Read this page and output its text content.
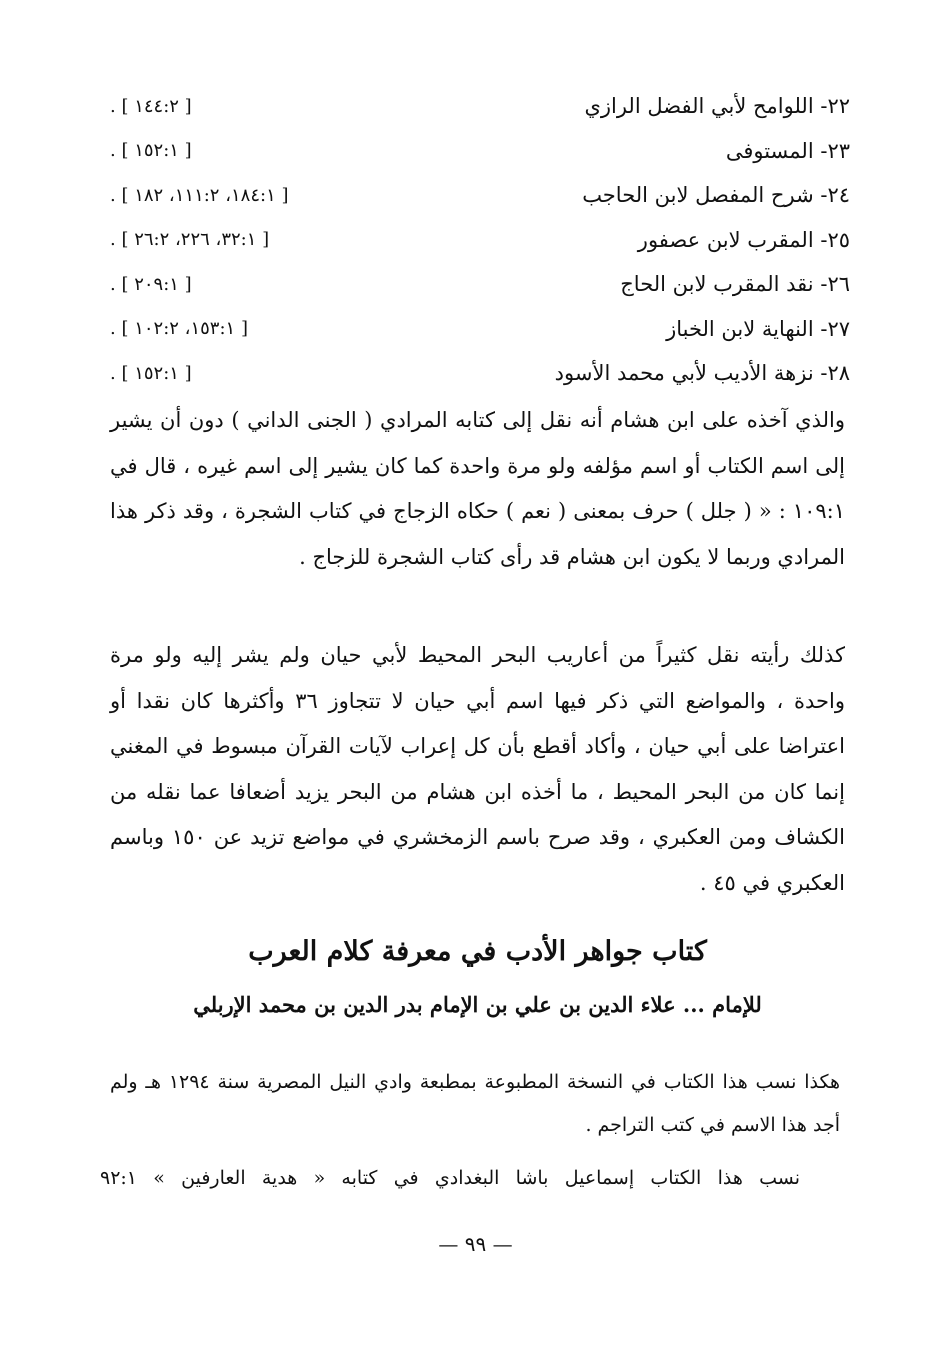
٢٢- اللوامح لأبي الفضل الرازي
[ ١٤٤:٢ ] .
٢٣- المستوفى
[ ١٥٢:١ ] .
٢٤- شرح المفصل لابن الحاجب
[ ١٨٤:١، ١١١:٢، ١٨٢ ] .
٢٥- المقرب لابن عصفور
[ ٣٢:١، ٢٢٦، ٢٦:٢ ] .
٢٦- نقد المقرب لابن الحاج
[ ٢٠٩:١ ] .
٢٧- النهاية لابن الخباز
[ ١٥٣:١، ١٠٢:٢ ] .
٢٨- نزهة الأديب لأبي محمد الأسود
[ ١٥٢:١ ] .

والذي آخذه على ابن هشام أنه نقل إلى كتابه المرادي ( الجنى الداني ) دون أن يشير إلى اسم الكتاب أو اسم مؤلفه ولو مرة واحدة كما كان يشير إلى اسم غيره ، قال في ١٠٩:١ : « ( جلل ) حرف بمعنى ( نعم ) حكاه الزجاج في كتاب الشجرة ، وقد ذكر هذا المرادي وربما لا يكون ابن هشام قد رأى كتاب الشجرة للزجاج .

كذلك رأيته نقل كثيراً من أعاريب البحر المحيط لأبي حيان ولم يشر إليه ولو مرة واحدة ، والمواضع التي ذكر فيها اسم أبي حيان لا تتجاوز ٣٦ وأكثرها كان نقدا أو اعتراضا على أبي حيان ، وأكاد أقطع بأن كل إعراب لآيات القرآن مبسوط في المغني إنما كان من البحر المحيط ، ما أخذه ابن هشام من البحر يزيد أضعافا عما نقله من الكشاف ومن العكبري ، وقد صرح باسم الزمخشري في مواضع تزيد عن ١٥٠ وباسم العكبري في ٤٥ .

كتاب جواهر الأدب في معرفة كلام العرب
للإمام ... علاء الدين بن علي بن الإمام بدر الدين بن محمد الإربلي

هكذا نسب هذا الكتاب في النسخة المطبوعة بمطبعة وادي النيل المصرية سنة ١٢٩٤ هـ ولم أجد هذا الاسم في كتب التراجم .

نسب هذا الكتاب إسماعيل باشا البغدادي في كتابه « هدية العارفين » ٩٢:١

— ٩٩ —
